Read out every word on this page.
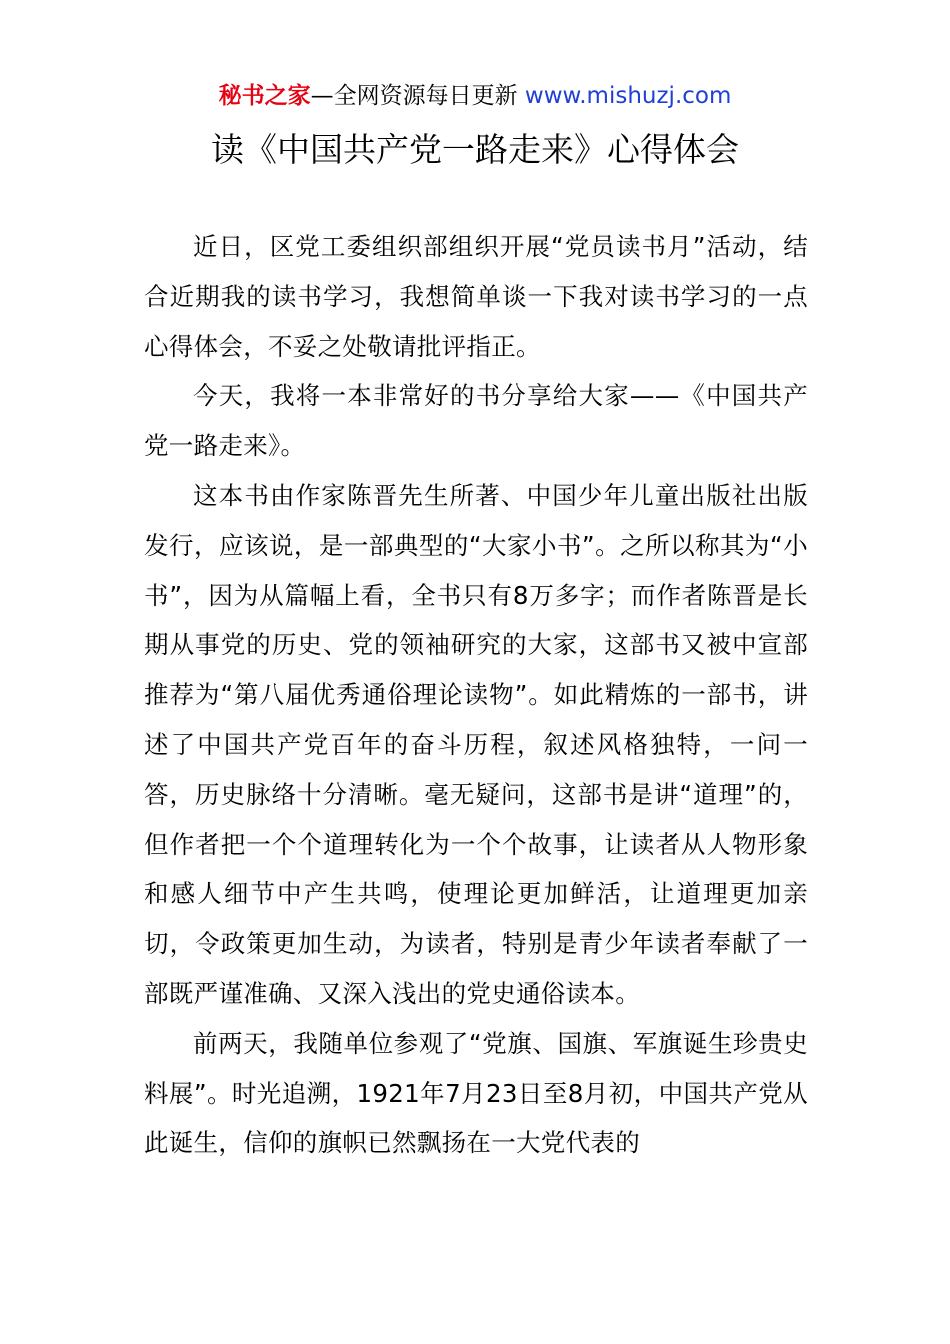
秘书之家—全网资源每日更新 www.mishuzj.com
读《中国共产党一路走来》心得体会

近日，区党工委组织部组织开展“党员读书月”活动，结合近期我的读书学习，我想简单谈一下我对读书学习的一点心得体会，不妥之处敬请批评指正。

今天，我将一本非常好的书分享给大家——《中国共产党一路走来》。

这本书由作家陈晋先生所著、中国少年儿童出版社出版发行，应该说，是一部典型的“大家小书”。之所以称其为“小书”，因为从篇幅上看，全书只有8万多字；而作者陈晋是长期从事党的历史、党的领袖研究的大家，这部书又被中宣部推荐为“第八届优秀通俗理论读物”。如此精炼的一部书，讲述了中国共产党百年的奋斗历程，叙述风格独特，一问一答，历史脉络十分清晰。毫无疑问，这部书是讲“道理”的，但作者把一个个道理转化为一个个故事，让读者从人物形象和感人细节中产生共鸣，使理论更加鲜活，让道理更加亲切，令政策更加生动，为读者，特别是青少年读者奉献了一部既严谨准确、又深入浅出的党史通俗读本。

前两天，我随单位参观了“党旗、国旗、军旗诞生珍贵史料展”。时光追溯，1921年7月23日至8月初，中国共产党从此诞生，信仰的旗帜已然飘扬在一大党代表的
